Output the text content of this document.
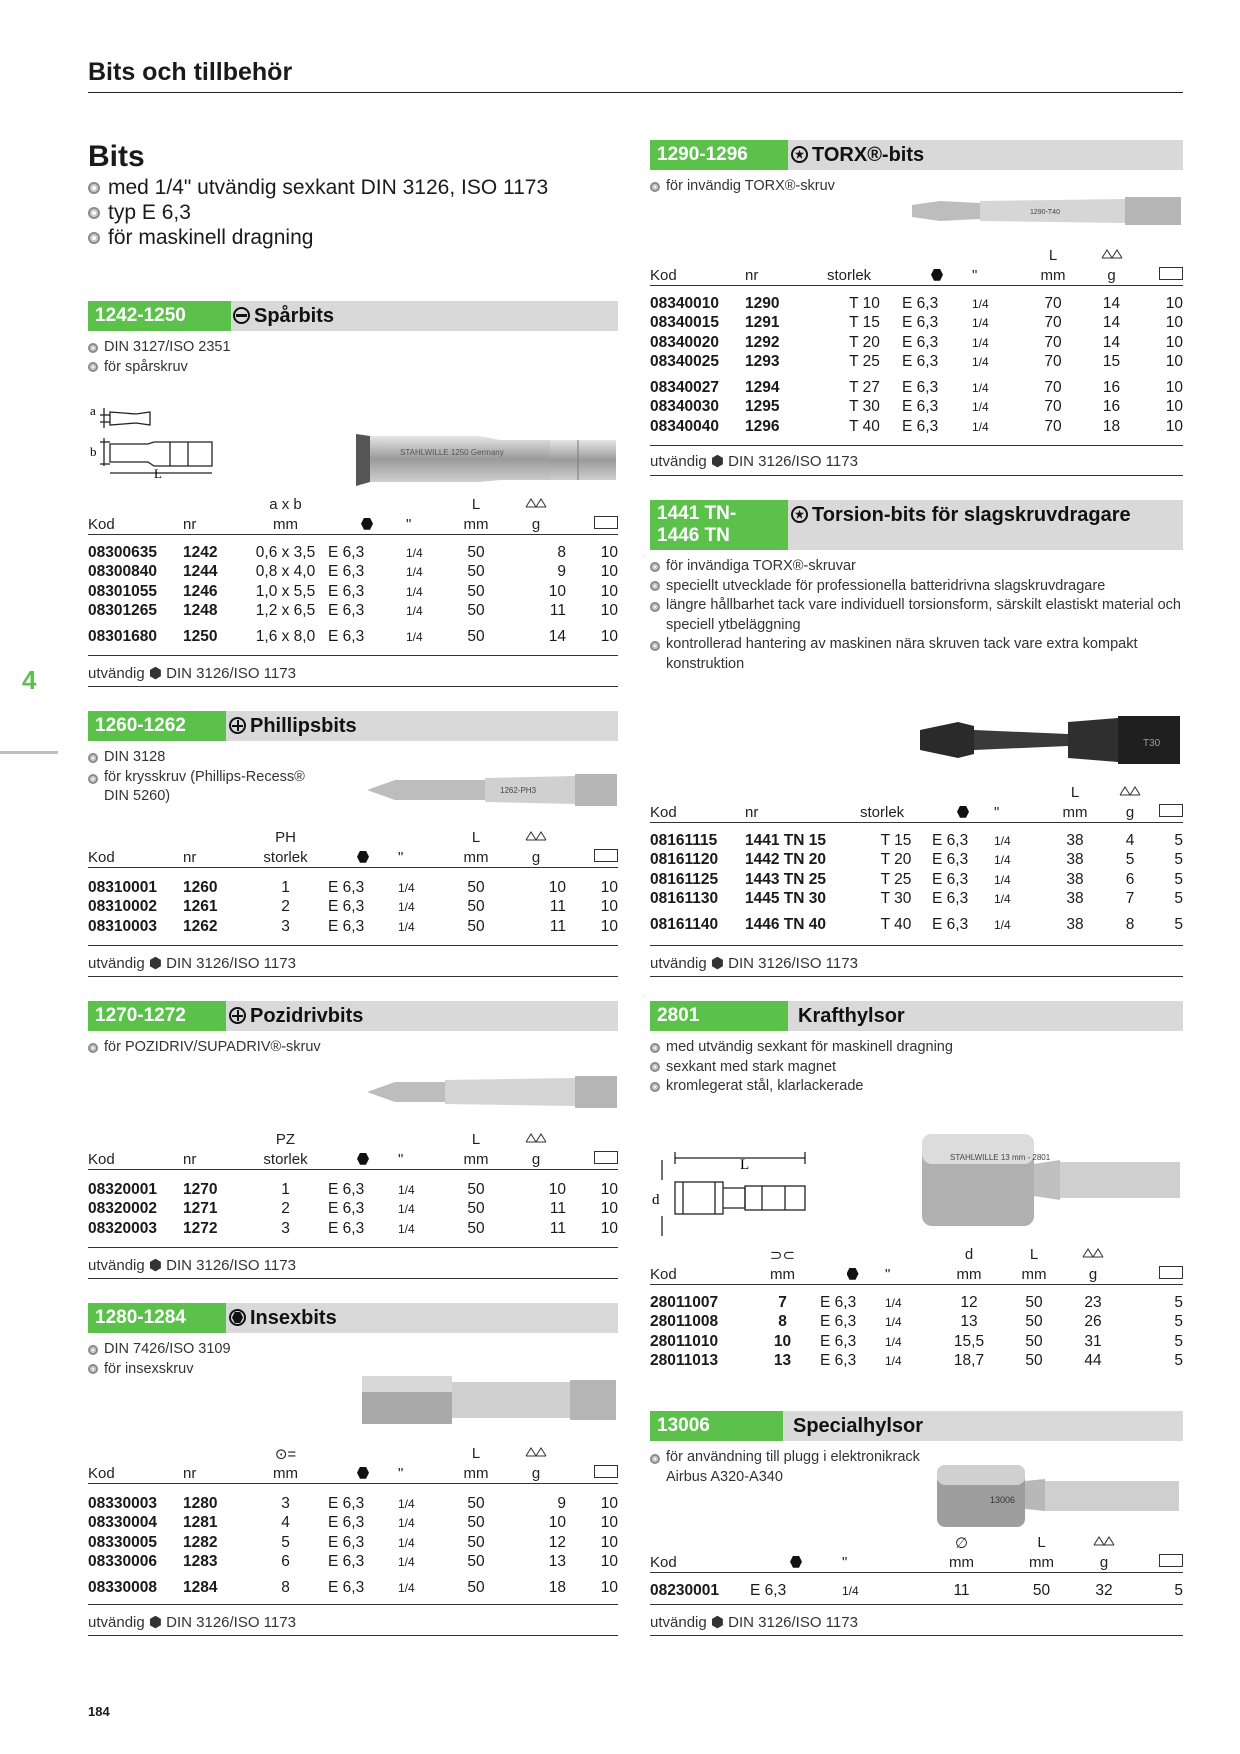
Bits och tillbehör
4
Bits
med 1/4" utvändig sexkant DIN 3126, ISO 1173
typ E 6,3
för maskinell dragning
1242-1250	Spårbits
DIN 3127/ISO 2351
för spårskruv
a
b
L
STAHLWILLE 1250 Germany
		a x b			L		
Kod	nr	mm		"	mm	g	

08300635	1242	0,6 x 3,5	E 6,3	1/4	50	8	10
08300840	1244	0,8 x 4,0	E 6,3	1/4	50	9	10
08301055	1246	1,0 x 5,5	E 6,3	1/4	50	10	10
08301265	1248	1,2 x 6,5	E 6,3	1/4	50	11	10

08301680	1250	1,6 x 8,0	E 6,3	1/4	50	14	10
utvändig ⬢ DIN 3126/ISO 1173
1260-1262	Phillipsbits
DIN 3128
för krysskruv (Phillips-Recess® DIN 5260)	1262-PH3
		PH			L		
Kod	nr	storlek		"	mm	g	

08310001	1260	1	E 6,3	1/4	50	10	10
08310002	1261	2	E 6,3	1/4	50	11	10
08310003	1262	3	E 6,3	1/4	50	11	10
utvändig ⬢ DIN 3126/ISO 1173
1270-1272	Pozidrivbits
för POZIDRIV/SUPADRIV®-skruv
		PZ			L		
Kod	nr	storlek		"	mm	g	

08320001	1270	1	E 6,3	1/4	50	10	10
08320002	1271	2	E 6,3	1/4	50	11	10
08320003	1272	3	E 6,3	1/4	50	11	10
utvändig ⬢ DIN 3126/ISO 1173
1280-1284	Insexbits
DIN 7426/ISO 3109
för insexskruv
		⊙=			L		
Kod	nr	mm		"	mm	g	

08330003	1280	3	E 6,3	1/4	50	9	10
08330004	1281	4	E 6,3	1/4	50	10	10
08330005	1282	5	E 6,3	1/4	50	12	10
08330006	1283	6	E 6,3	1/4	50	13	10

08330008	1284	8	E 6,3	1/4	50	18	10
utvändig ⬢ DIN 3126/ISO 1173
1290-1296	TORX®-bits
för invändig TORX®-skruv
1290-T40
					L		
Kod	nr	storlek		"	mm	g	

08340010	1290	T 10	E 6,3	1/4	70	14	10
08340015	1291	T 15	E 6,3	1/4	70	14	10
08340020	1292	T 20	E 6,3	1/4	70	14	10
08340025	1293	T 25	E 6,3	1/4	70	15	10

08340027	1294	T 27	E 6,3	1/4	70	16	10
08340030	1295	T 30	E 6,3	1/4	70	16	10
08340040	1296	T 40	E 6,3	1/4	70	18	10
utvändig ⬢ DIN 3126/ISO 1173
1441 TN-
1446 TN
Torsion-bits för slagskruvdragare
för invändiga TORX®-skruvar
speciellt utvecklade för professionella batteridrivna slagskruvdragare
längre hållbarhet tack vare individuell torsionsform, särskilt elastiskt material och speciell ytbeläggning
kontrollerad hantering av maskinen nära skruven tack vare extra kompakt konstruktion
T30
					L		
Kod	nr	storlek		"	mm	g	

08161115	1441 TN 15	T 15	E 6,3	1/4	38	4	5
08161120	1442 TN 20	T 20	E 6,3	1/4	38	5	5
08161125	1443 TN 25	T 25	E 6,3	1/4	38	6	5
08161130	1445 TN 30	T 30	E 6,3	1/4	38	7	5

08161140	1446 TN 40	T 40	E 6,3	1/4	38	8	5
utvändig ⬢ DIN 3126/ISO 1173
2801	Krafthylsor
med utvändig sexkant för maskinell dragning
sexkant med stark magnet
kromlegerat stål, klarlackerade
L
d
STAHLWILLE 13 mm - 2801
	⊃⊂			d	L		
Kod	mm		"	mm	mm	g	

28011007	7	E 6,3	1/4	12	50	23	5
28011008	8	E 6,3	1/4	13	50	26	5
28011010	10	E 6,3	1/4	15,5	50	31	5
28011013	13	E 6,3	1/4	18,7	50	44	5
13006	Specialhylsor
för användning till plugg i elektronikrack Airbus A320-A340
13006
			∅	L		
Kod		"	mm	mm	g	

08230001	E 6,3	1/4	11	50	32	5
utvändig ⬢ DIN 3126/ISO 1173
184
